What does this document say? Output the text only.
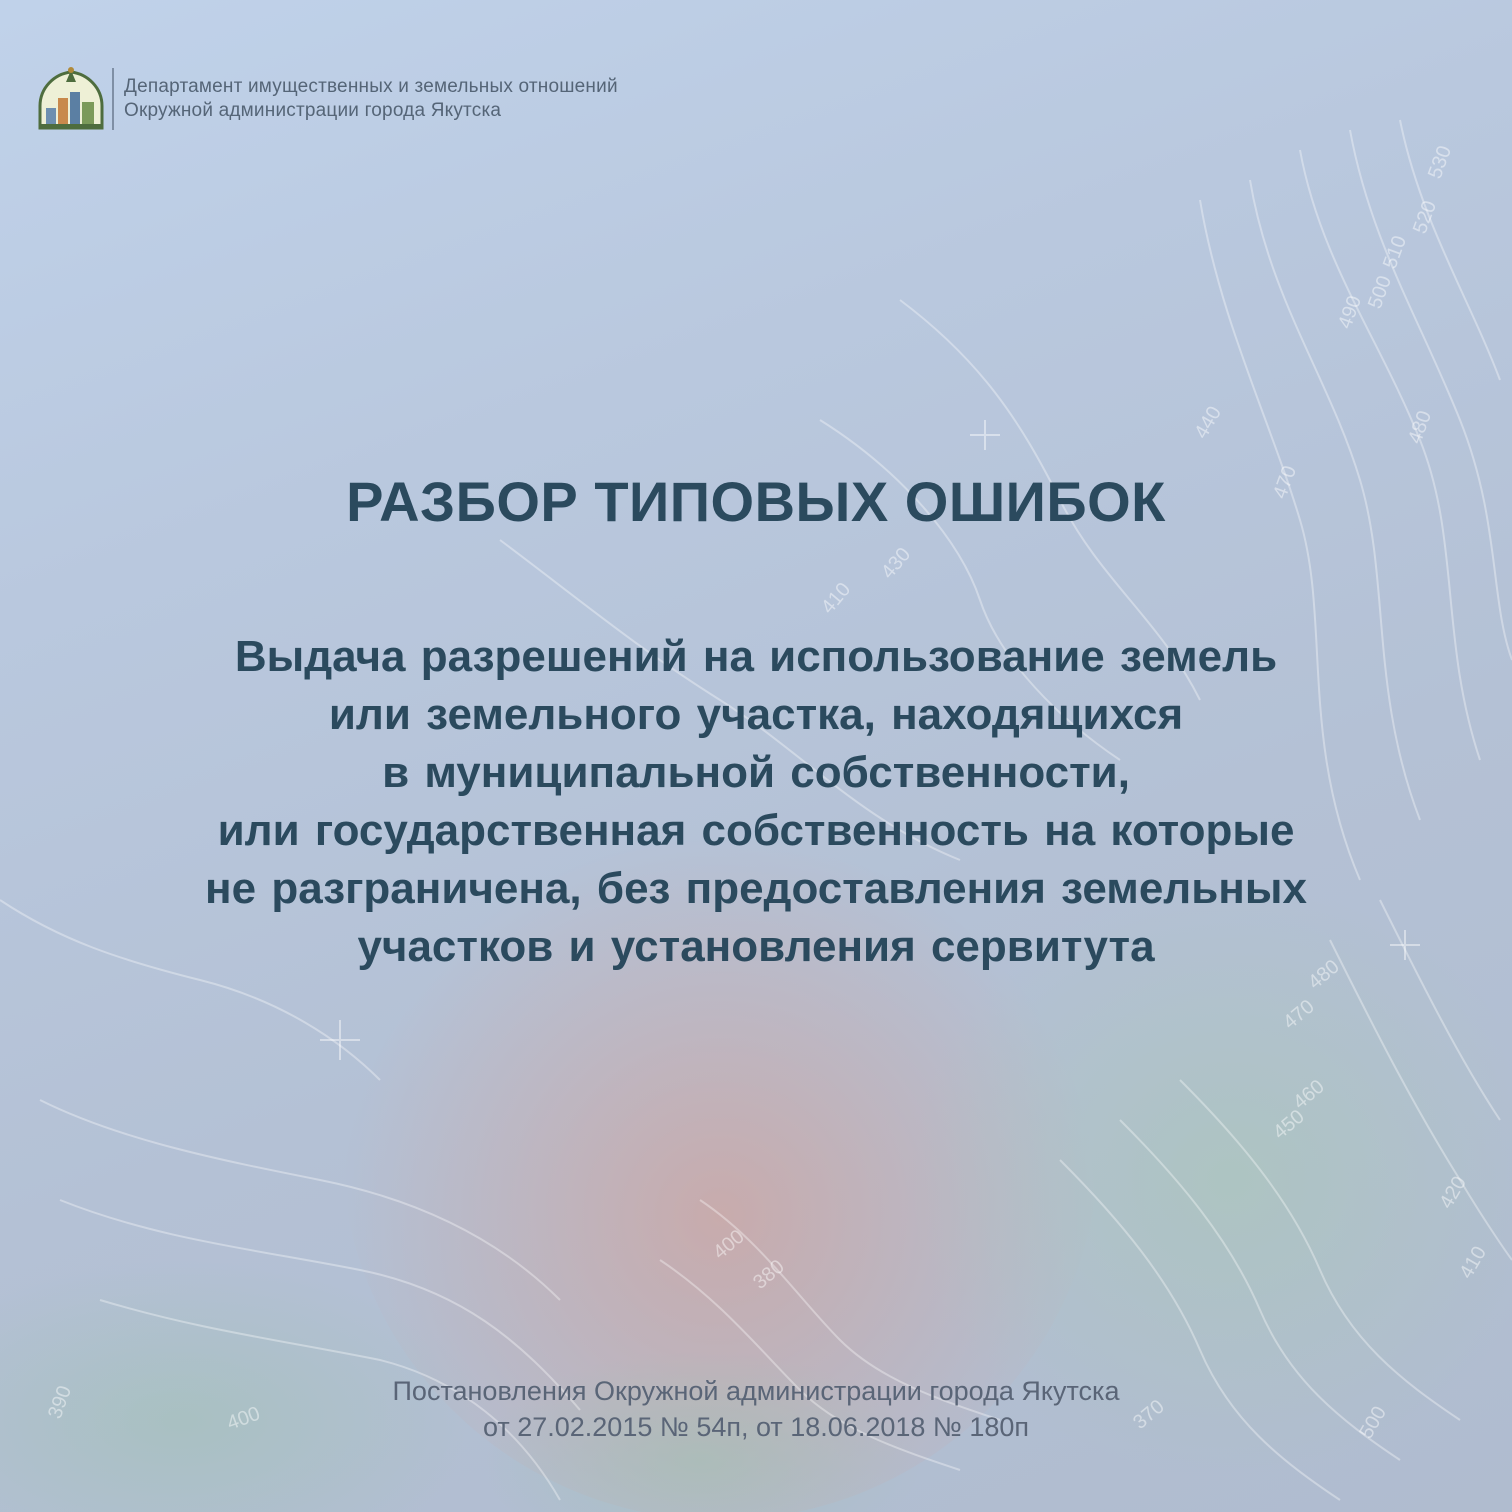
530
520
510
500
490
480
470
440
430
410
400
380
370
420
410
500
480
470
460
450
390	400
Департамент имущественных и земельных отношений
Окружной администрации города Якутска
РАЗБОР ТИПОВЫХ ОШИБОК
Выдача разрешений на использование земель
или земельного участка, находящихся
в муниципальной собственности,
или государственная собственность на которые
не разграничена, без предоставления земельных
участков и установления сервитута
Постановления Окружной администрации города Якутска
от 27.02.2015 № 54п, от 18.06.2018 № 180п
